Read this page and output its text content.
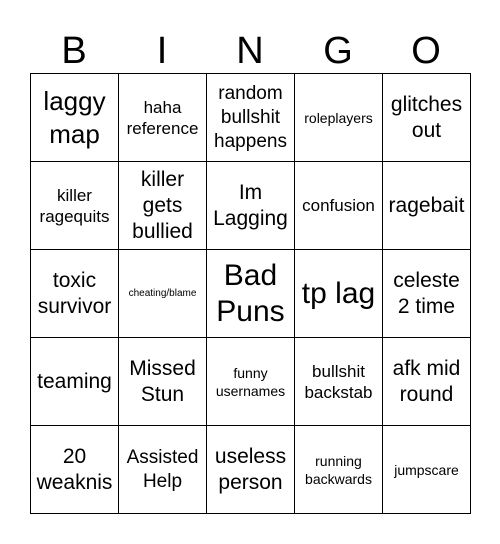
B	I	N	G	O
laggy map
haha reference
random bullshit happens
roleplayers
glitches out
killer ragequits
killer gets bullied
Im Lagging
confusion ragebait
toxic survivor
cheating/blame
Bad Puns
tp lag celeste 2 time
teaming
Missed Stun
funny usernames
bullshit backstab
afk mid round
20 weaknis
Assisted Help
useless person
running backwards
jumpscare
